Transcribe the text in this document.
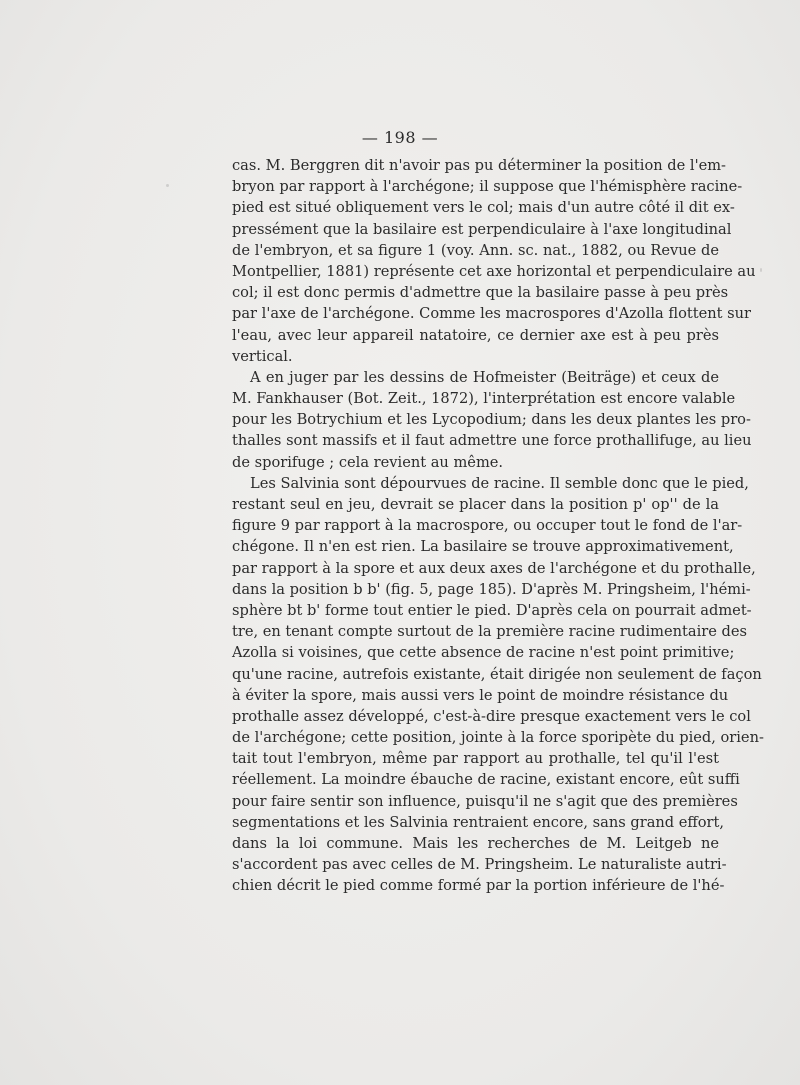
— 198 —
cas. M. Berggren dit n'avoir pas pu déterminer la position de l'em-
bryon par rapport à l'archégone; il suppose que l'hémisphère racine-
pied est situé obliquement vers le col; mais d'un autre côté il dit ex-
pressément que la basilaire est perpendiculaire à l'axe longitudinal
de l'embryon, et sa figure 1 (voy. Ann. sc. nat., 1882, ou Revue de
Montpellier, 1881) représente cet axe horizontal et perpendiculaire au
col; il est donc permis d'admettre que la basilaire passe à peu près
par l'axe de l'archégone. Comme les macrospores d'Azolla flottent sur
l'eau, avec leur appareil natatoire, ce dernier axe est à peu près
vertical.
A en juger par les dessins de Hofmeister (Beiträge) et ceux de
M. Fankhauser (Bot. Zeit., 1872), l'interprétation est encore valable
pour les Botrychium et les Lycopodium; dans les deux plantes les pro-
thalles sont massifs et il faut admettre une force prothallifuge, au lieu
de sporifuge ; cela revient au même.
Les Salvinia sont dépourvues de racine. Il semble donc que le pied,
restant seul en jeu, devrait se placer dans la position p' op'' de la
figure 9 par rapport à la macrospore, ou occuper tout le fond de l'ar-
chégone. Il n'en est rien. La basilaire se trouve approximativement,
par rapport à la spore et aux deux axes de l'archégone et du prothalle,
dans la position b b' (fig. 5, page 185). D'après M. Pringsheim, l'hémi-
sphère bt b' forme tout entier le pied. D'après cela on pourrait admet-
tre, en tenant compte surtout de la première racine rudimentaire des
Azolla si voisines, que cette absence de racine n'est point primitive;
qu'une racine, autrefois existante, était dirigée non seulement de façon
à éviter la spore, mais aussi vers le point de moindre résistance du
prothalle assez développé, c'est-à-dire presque exactement vers le col
de l'archégone; cette position, jointe à la force sporipète du pied, orien-
tait tout l'embryon, même par rapport au prothalle, tel qu'il l'est
réellement. La moindre ébauche de racine, existant encore, eût suffi
pour faire sentir son influence, puisqu'il ne s'agit que des premières
segmentations et les Salvinia rentraient encore, sans grand effort,
dans la loi commune. Mais les recherches de M. Leitgeb ne
s'accordent pas avec celles de M. Pringsheim. Le naturaliste autri-
chien décrit le pied comme formé par la portion inférieure de l'hé-
